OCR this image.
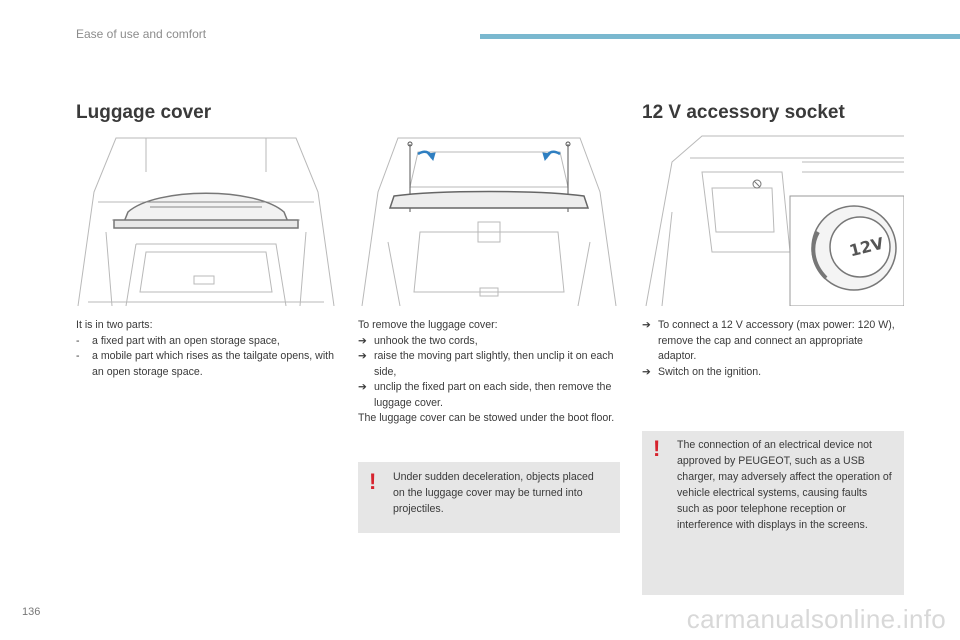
Ease of use and comfort
Luggage cover

It is in two parts:

- a fixed part with an open storage space,
- a mobile part which rises as the tailgate opens, with an open storage space.

To remove the luggage cover:

➔ unhook the two cords,
➔ raise the moving part slightly, then unclip it on each side,
➔ unclip the fixed part on each side, then remove the luggage cover.

The luggage cover can be stowed under the boot floor.

! Under sudden deceleration, objects placed on the luggage cover may be turned into projectiles.
12 V accessory socket
12V
➔ To connect a 12 V accessory (max power: 120 W), remove the cap and connect an appropriate adaptor.
➔ Switch on the ignition.
! The connection of an electrical device not approved by PEUGEOT, such as a USB charger, may adversely affect the operation of vehicle electrical systems, causing faults such as poor telephone reception or interference with displays in the screens.
136	carmanualsonline.info
